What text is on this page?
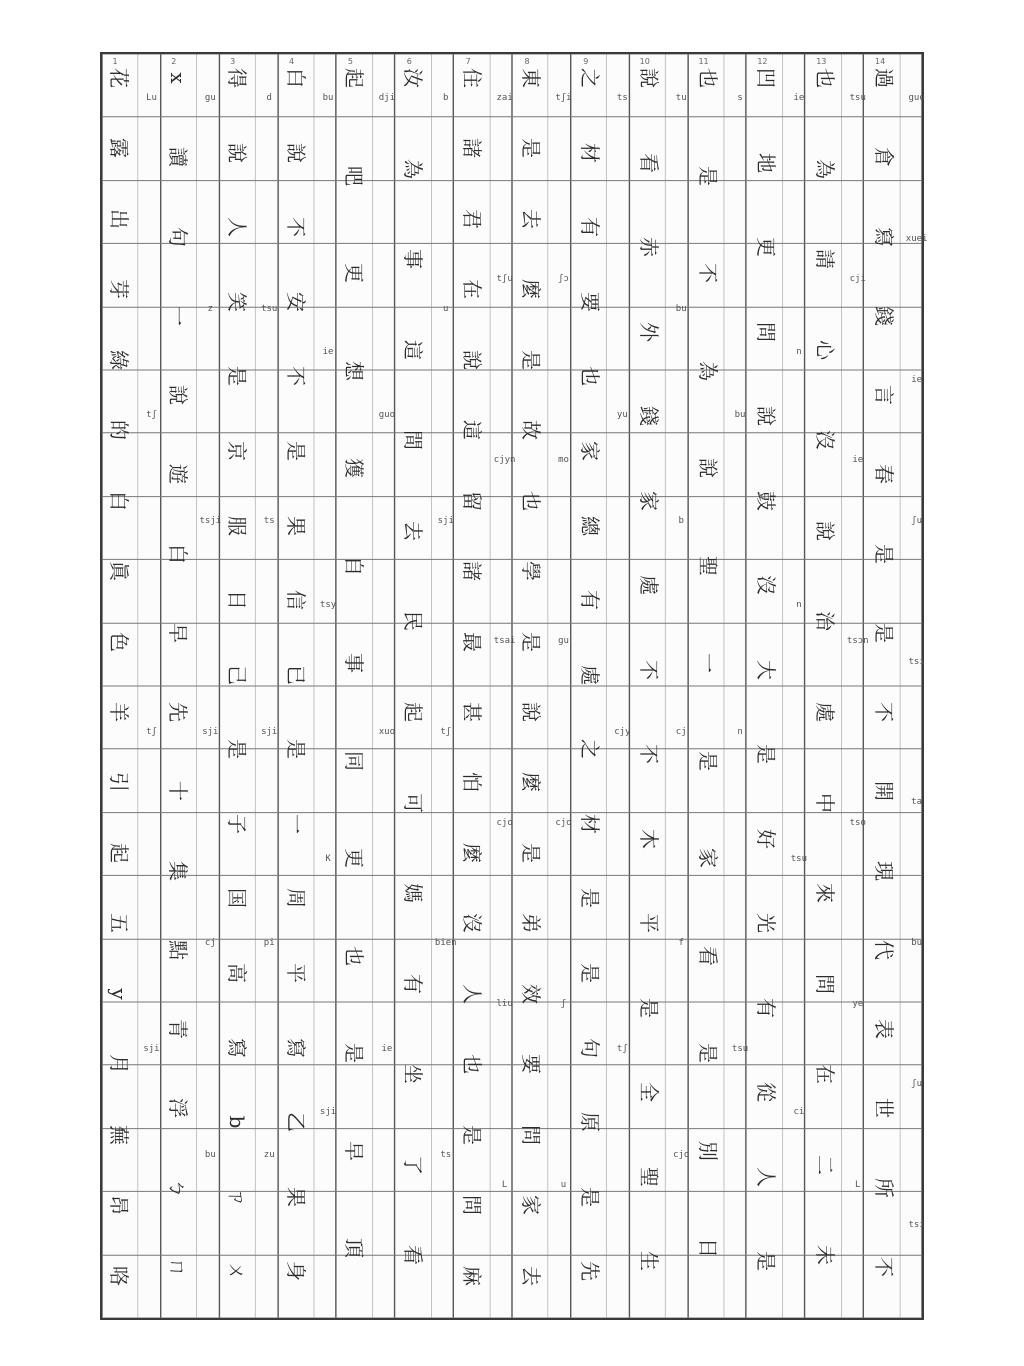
花
露
出
芽
綠
的
白
眞
色
羊
引
起
五
y
月
蕪
昂
咯
Lu
tʃ
tʃ
sji
1
x
讀
句
一
說
遊
白
早
先
十
集
點
青
浮
ㄅ
ㄇ
gu
z
tsji
sji
cj
bu
2
得
說
人
笑
是
京
服
日
己
是
子
国
高
寫
b
ㄗ
ㄨ
d
tsu
ts
sji
pi
zu
3
白
說
不
安
不
是
果
信
已
是
一
周
平
寫
乙
果
身
bu
ie
tsy
K
sji
4
起
吧
更
想
獲
自
事
同
更
也
是
早
頂
dji
guo
xuo
ie
5
汝
為
事
這
間
去
民
起
可
媽
有
坐
了
看
b
u
sji
tʃ
bien
ts
6
住
諸
君
在
說
這
留
諸
最
甚
怕
麼
沒
人
也
是
問
麻
zai
tʃu
cjyn
tsai
cjo
liu
L
7
東
是
去
麼
是
故
也
學
是
說
麼
是
弟
效
要
問
家
去
tʃi
ʃɔ
mo
gu
cjo
ʃ
u
8
之
材
有
要
也
家
總
有
處
之
材
是
是
句
原
是
先
ts
yu
cjy
tʃ
9
說
看
赤
外
錢
家
處
不
不
木
平
是
全
聖
生
tu
bu
b
cj
f
cjo
10
也
是
不
為
說
聖
一
是
家
看
是
別
日
s
bu
n
tsu
11
凹
地
更
問
說
鼓
沒
大
是
好
光
有
從
人
是
ie
n
n
tsu
ci
12
也
為
請
心
沒
說
治
處
中
來
問
在
二
未
tsu
cji
ie
tsɔn
tso
ye
L
13
過
倉
寫
錢
言
春
是
是
不
開
現
代
表
世
所
不
guo
xuei
ie
ʃu
tsi
ta
bu
ʃu
tsi
14
